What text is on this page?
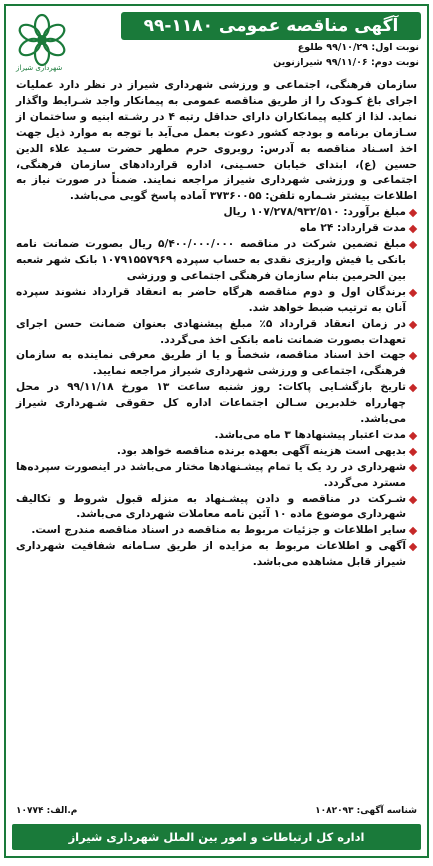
آگهی مناقصه عمومی ۱۱۸۰-۹۹
شهرداری شیراز
نوبت اول: ۹۹/۱۰/۲۹ طلوع
نوبت دوم: ۹۹/۱۱/۰۶ شیرازنوین

سازمان فرهنگی، اجتماعی و ورزشی شهرداری شیراز در نظر دارد عملیات اجرای باغ کـودک را از طریق مناقصه عمومی به پیمانکار واجد شـرایط واگذار نماید. لذا از کلیه پیمانکاران دارای حداقل رتبه ۴ در رشـته ابنیه و ساختمان از سـازمان برنامه و بودجه کشور دعوت بعمل می‌آید با توجه به موارد ذیل جهت اخذ اسـناد مناقصه به آدرس: روبروی حرم مطهر حضرت سـید علاء الدین حسین (ع)، ابتدای خیابان حسـینی، اداره قراردادهای سازمان فرهنگی، اجتماعی و ورزشی شهرداری شیراز مراجعه نمایند. ضمناً در صورت نیاز به اطلاعات بیشتر شـماره تلفن: ۳۷۳۶۰۰۵۵ آماده پاسخ گویی می‌باشد.

مبلغ برآورد: ۱۰۷/۲۷۸/۹۳۲/۵۱۰ ریال
مدت قرارداد: ۲۴ ماه
مبلغ تضمین شرکت در مناقصه ۵/۴۰۰/۰۰۰/۰۰۰ ریال بصورت ضمانت نامه بانکی یا فیش واریزی نقدی به حساب سپرده ۱۰۷۹۱۵۵۷۹۶۹ بانک شهر شعبه بین الحرمین بنام سازمان فرهنگی اجتماعی و ورزشی
برندگان اول و دوم مناقصه هرگاه حاضر به انعقاد قرارداد نشوند سپرده آنان به ترتیب ضبط خواهد شد.
در زمان انعقاد قرارداد ۵٪ مبلغ پیشنهادی بعنوان ضمانت حسن اجرای تعهدات بصورت ضمانت نامه بانکی اخذ می‌گردد.
جهت اخذ اسناد مناقصه، شخصاً و یا از طریق معرفی نماینده به سازمان فرهنگی، اجتماعی و ورزشی شهرداری شیراز مراجعه نمایید.
تاریخ بازگشـایی پاکات: روز شنبه ساعت ۱۳ مورخ ۹۹/۱۱/۱۸ در محل چهارراه خلدبرین سـالن اجتماعات اداره کل حقوقی شـهرداری شیراز می‌باشد.
مدت اعتبار پیشنهادها ۳ ماه می‌باشد.
بدیهی است هزینه آگهی بعهده برنده مناقصه خواهد بود.
شهرداری در رد یک یا تمام پیشـنهادها مختار می‌باشد در اینصورت سپرده‌ها مسترد می‌گردد.
شـرکت در مناقصه و دادن پیشـنهاد به منزله قبول شروط و تکالیف شهرداری موضوع ماده ۱۰ آئین نامه معاملات شهرداری می‌باشد.
سایر اطلاعات و جزئیات مربوط به مناقصه در اسناد مناقصه مندرج است.
آگهی و اطلاعات مربوط به مزایده از طریق سـامانه شفافیت شهرداری شیراز قابل مشاهده می‌باشد.
شناسه آگهی: ۱۰۸۲۰۹۳
م.الف: ۱۰۷۷۴
اداره کل ارتباطات و امور بین الملل شهرداری شیراز
